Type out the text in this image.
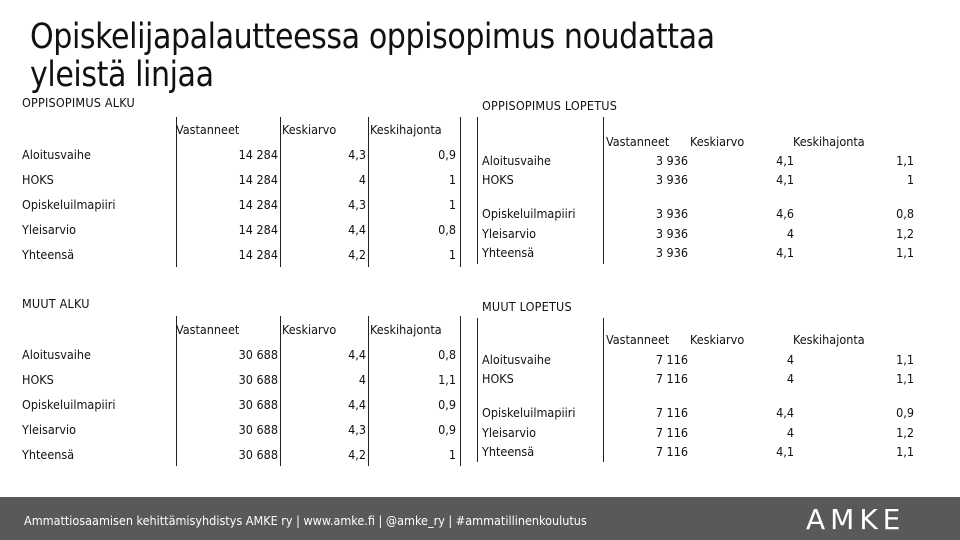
Opiskelijapalautteessa oppisopimus noudattaa yleistä linjaa
OPPISOPIMUS ALKU
Vastanneet	Keskiarvo	Keskihajonta
Aloitusvaihe	14 284	4,3	0,9
HOKS	14 284	4	1
Opiskeluilmapiiri	14 284	4,3	1
Yleisarvio	14 284	4,4	0,8
Yhteensä	14 284	4,2	1
OPPISOPIMUS LOPETUS
Vastanneet Keskiarvo	Keskihajonta
Aloitusvaihe	3 936	4,1	1,1
HOKS	3 936	4,1	1
Opiskeluilmapiiri	3 936	4,6	0,8
Yleisarvio	3 936	4	1,2
Yhteensä	3 936	4,1	1,1
MUUT ALKU
Vastanneet	Keskiarvo	Keskihajonta
Aloitusvaihe	30 688	4,4	0,8
HOKS	30 688	4	1,1
Opiskeluilmapiiri	30 688	4,4	0,9
Yleisarvio	30 688	4,3	0,9
Yhteensä	30 688	4,2	1
MUUT LOPETUS
Vastanneet Keskiarvo	Keskihajonta
Aloitusvaihe	7 116	4	1,1
HOKS	7 116	4	1,1
Opiskeluilmapiiri	7 116	4,4	0,9
Yleisarvio	7 116	4	1,2
Yhteensä	7 116	4,1	1,1
Ammattiosaamisen kehittämisyhdistys AMKE ry | www.amke.fi | @amke_ry | #ammatillinenkoulutus	AMKE
